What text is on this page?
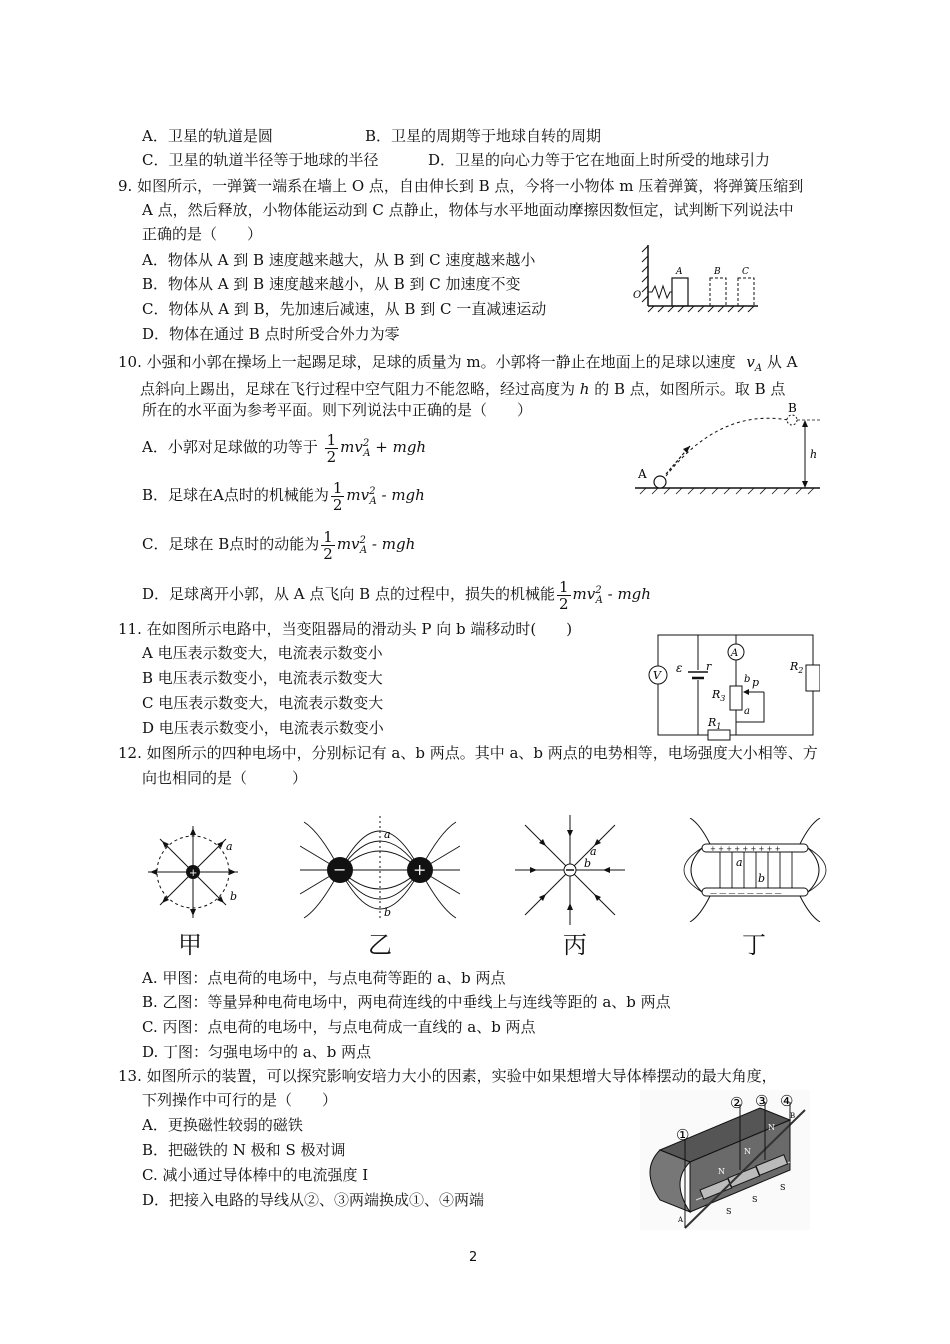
A．卫星的轨道是圆	B．卫星的周期等于地球自转的周期
C．卫星的轨道半径等于地球的半径	D．卫星的向心力等于它在地面上时所受的地球引力
9. 如图所示，一弹簧一端系在墙上 O 点，自由伸长到 B 点，今将一小物体 m 压着弹簧，将弹簧压缩到
A 点，然后释放，小物体能运动到 C 点静止，物体与水平地面动摩擦因数恒定，试判断下列说法中
正确的是（　　）
A．物体从 A 到 B 速度越来越大，从 B 到 C 速度越来越小
B．物体从 A 到 B 速度越来越小，从 B 到 C 加速度不变
C．物体从 A 到 B，先加速后减速，从 B 到 C 一直减速运动
D．物体在通过 B 点时所受合外力为零
O
A	B C
10. 小强和小郭在操场上一起踢足球，足球的质量为 m。小郭将一静止在地面上的足球以速度 $v_A$ 从 A
点斜向上踢出，足球在飞行过程中空气阻力不能忽略，经过高度为 h 的 B 点，如图所示。取 B 点
所在的水平面为参考平面。则下列说法中正确的是（　　）
A．小郭对足球做的功等于 $\frac{1}{2} mv^2_A$ + mgh
B．足球在A点时的机械能为 $\frac{1}{2} mv^2_A$ - mgh
C．足球在 B点时的动能为 $\frac{1}{2} mv^2_A$ - mgh
D．足球离开小郭，从 A 点飞向 B 点的过程中，损失的机械能 $\frac{1}{2} mv^2_A$ - mgh
A
B
h
11. 在如图所示电路中，当变阻器局的滑动头 P 向 b 端移动时(　　)
A 电压表示数变大，电流表示数变小
B 电压表示数变小，电流表示数变大
C 电压表示数变大，电流表示数变大
D 电压表示数变小，电流表示数变小
V
A
ε r	$R_2$
$R_3$
p
b
a
$R_1$
12. 如图所示的四种电场中，分别标记有 a、b 两点。其中 a、b 两点的电势相等，电场强度大小相等、方
向也相同的是（　　　）
+
a
b
−	+
a
b
a
b
+ + + + + + + + +
— — — — — — — —
a
b
甲	乙	丙	丁
A. 甲图：点电荷的电场中，与点电荷等距的 a、b 两点
B. 乙图：等量异种电荷电场中，两电荷连线的中垂线上与连线等距的 a、b 两点
C. 丙图：点电荷的电场中，与点电荷成一直线的 a、b 两点
D. 丁图：匀强电场中的 a、b 两点
13. 如图所示的装置，可以探究影响安培力大小的因素，实验中如果想增大导体棒摆动的最大角度，
下列操作中可行的是（　　）
A．更换磁性较弱的磁铁
B．把磁铁的 N 极和 S 极对调
C. 减小通过导体棒中的电流强度 I
D．把接入电路的导线从②、③两端换成①、④两端
①
② ③ ④
N
N
N
S
S
S
A
B
2
